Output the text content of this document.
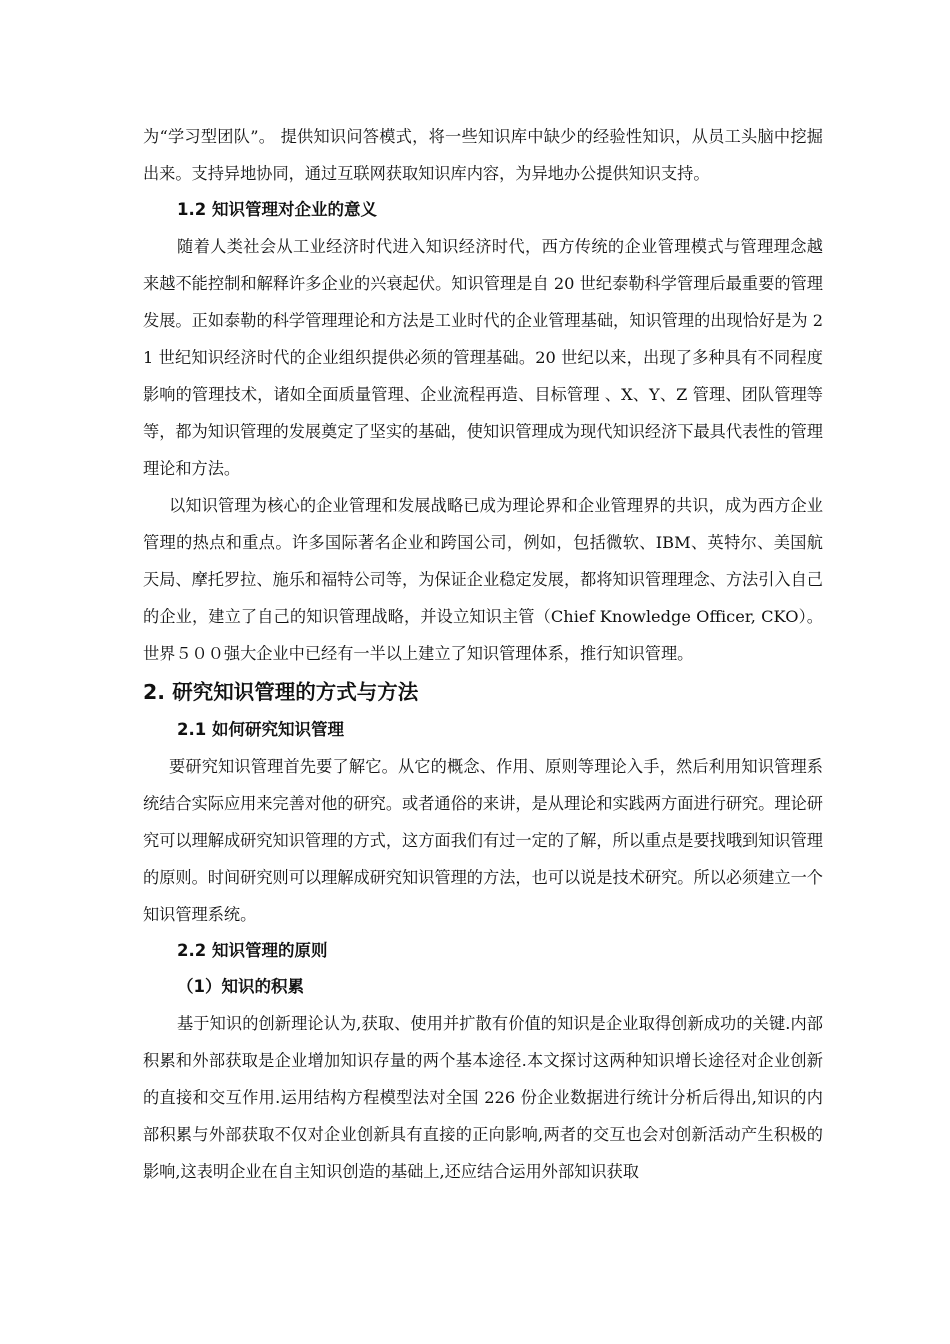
为“学习型团队”。 提供知识问答模式，将一些知识库中缺少的经验性知识，从员工头脑中挖掘出来。支持异地协同，通过互联网获取知识库内容，为异地办公提供知识支持。

1.2 知识管理对企业的意义

随着人类社会从工业经济时代进入知识经济时代，西方传统的企业管理模式与管理理念越来越不能控制和解释许多企业的兴衰起伏。知识管理是自 20 世纪泰勒科学管理后最重要的管理发展。正如泰勒的科学管理理论和方法是工业时代的企业管理基础，知识管理的出现恰好是为 21 世纪知识经济时代的企业组织提供必须的管理基础。20 世纪以来，出现了多种具有不同程度影响的管理技术，诸如全面质量管理、企业流程再造、目标管理 、X、Y、Z 管理、团队管理等等，都为知识管理的发展奠定了坚实的基础，使知识管理成为现代知识经济下最具代表性的管理理论和方法。

以知识管理为核心的企业管理和发展战略已成为理论界和企业管理界的共识，成为西方企业管理的热点和重点。许多国际著名企业和跨国公司，例如，包括微软、IBM、英特尔、美国航天局、摩托罗拉、施乐和福特公司等，为保证企业稳定发展，都将知识管理理念、方法引入自己的企业，建立了自己的知识管理战略，并设立知识主管（Chief Knowledge Officer, CKO）。世界５００强大企业中已经有一半以上建立了知识管理体系，推行知识管理。

2. 研究知识管理的方式与方法
2.1 如何研究知识管理

要研究知识管理首先要了解它。从它的概念、作用、原则等理论入手，然后利用知识管理系统结合实际应用来完善对他的研究。或者通俗的来讲，是从理论和实践两方面进行研究。理论研究可以理解成研究知识管理的方式，这方面我们有过一定的了解，所以重点是要找哦到知识管理的原则。时间研究则可以理解成研究知识管理的方法，也可以说是技术研究。所以必须建立一个知识管理系统。

2.2 知识管理的原则
（1）知识的积累

基于知识的创新理论认为,获取、使用并扩散有价值的知识是企业取得创新成功的关键.内部积累和外部获取是企业增加知识存量的两个基本途径.本文探讨这两种知识增长途径对企业创新的直接和交互作用.运用结构方程模型法对全国 226 份企业数据进行统计分析后得出,知识的内部积累与外部获取不仅对企业创新具有直接的正向影响,两者的交互也会对创新活动产生积极的影响,这表明企业在自主知识创造的基础上,还应结合运用外部知识获取
